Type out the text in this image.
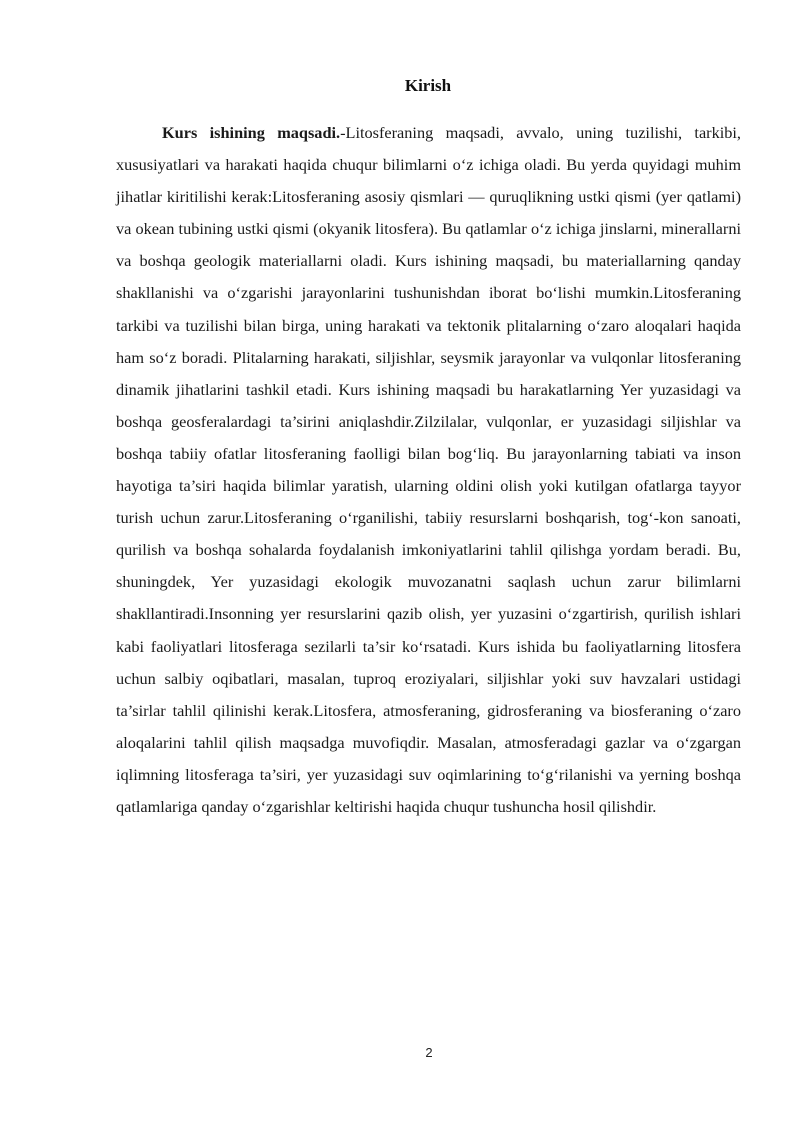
Kirish

Kurs ishining maqsadi.-Litosferaning maqsadi, avvalo, uning tuzilishi, tarkibi, xususiyatlari va harakati haqida chuqur bilimlarni o‘z ichiga oladi. Bu yerda quyidagi muhim jihatlar kiritilishi kerak:Litosferaning asosiy qismlari — quruqlikning ustki qismi (yer qatlami) va okean tubining ustki qismi (okyanik litosfera). Bu qatlamlar o‘z ichiga jinslarni, minerallarni va boshqa geologik materiallarni oladi. Kurs ishining maqsadi, bu materiallarning qanday shakllanishi va o‘zgarishi jarayonlarini tushunishdan iborat bo‘lishi mumkin.Litosferaning tarkibi va tuzilishi bilan birga, uning harakati va tektonik plitalarning o‘zaro aloqalari haqida ham so‘z boradi. Plitalarning harakati, siljishlar, seysmik jarayonlar va vulqonlar litosferaning dinamik jihatlarini tashkil etadi. Kurs ishining maqsadi bu harakatlarning Yer yuzasidagi va boshqa geosferalardagi ta’sirini aniqlashdir.Zilzilalar, vulqonlar, er yuzasidagi siljishlar va boshqa tabiiy ofatlar litosferaning faolligi bilan bog‘liq. Bu jarayonlarning tabiati va inson hayotiga ta’siri haqida bilimlar yaratish, ularning oldini olish yoki kutilgan ofatlarga tayyor turish uchun zarur.Litosferaning o‘rganilishi, tabiiy resurslarni boshqarish, tog‘-kon sanoati, qurilish va boshqa sohalarda foydalanish imkoniyatlarini tahlil qilishga yordam beradi. Bu, shuningdek, Yer yuzasidagi ekologik muvozanatni saqlash uchun zarur bilimlarni shakllantiradi.Insonning yer resurslarini qazib olish, yer yuzasini o‘zgartirish, qurilish ishlari kabi faoliyatlari litosferaga sezilarli ta’sir ko‘rsatadi. Kurs ishida bu faoliyatlarning litosfera uchun salbiy oqibatlari, masalan, tuproq eroziyalari, siljishlar yoki suv havzalari ustidagi ta’sirlar tahlil qilinishi kerak.Litosfera, atmosferaning, gidrosferaning va biosferaning o‘zaro aloqalarini tahlil qilish maqsadga muvofiqdir. Masalan, atmosferadagi gazlar va o‘zgargan iqlimning litosferaga ta’siri, yer yuzasidagi suv oqimlarining to‘g‘rilanishi va yerning boshqa qatlamlariga qanday o‘zgarishlar keltirishi haqida chuqur tushuncha hosil qilishdir.

2
